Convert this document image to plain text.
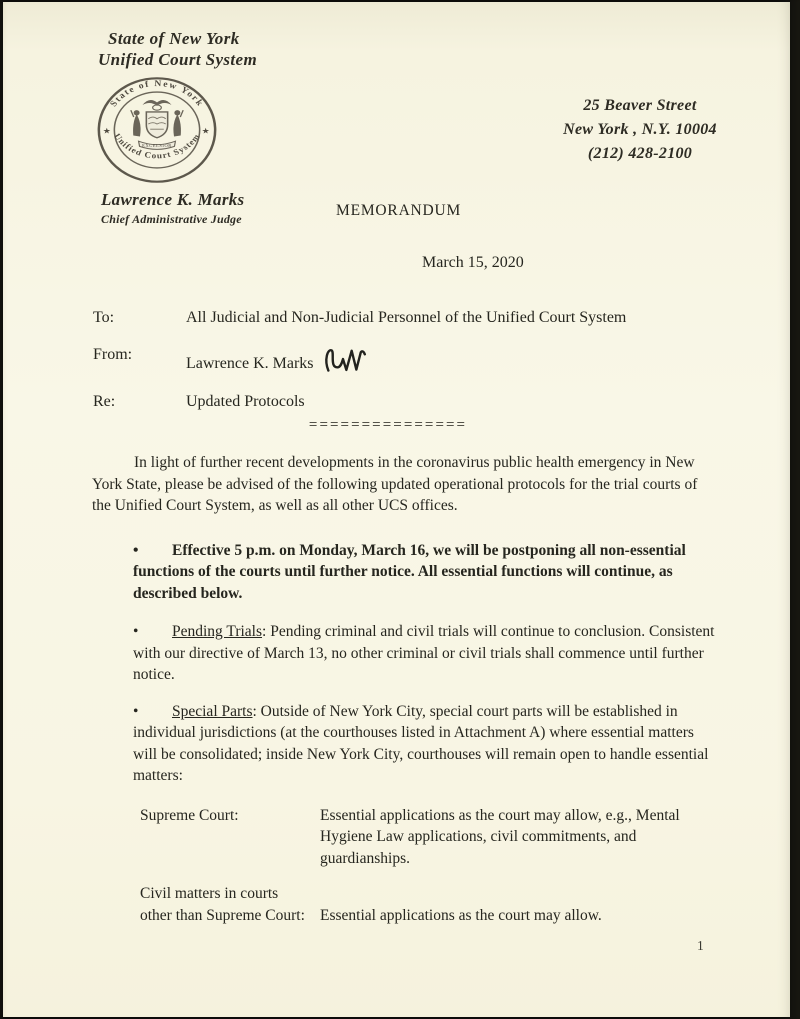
State of New York
Unified Court System
State of New York
Unified Court System
★	★
EXCELSIOR
Lawrence K. Marks
Chief Administrative Judge
25 Beaver Street
New York , N.Y. 10004
(212) 428-2100
MEMORANDUM
March 15, 2020
To:	All Judicial and Non-Judicial Personnel of the Unified Court System
From:
Lawrence K. Marks
Re:	Updated Protocols
===============

In light of further recent developments in the coronavirus public health emergency in New York State, please be advised of the following updated operational protocols for the trial courts of the Unified Court System, as well as all other UCS offices.

• Effective 5 p.m. on Monday, March 16, we will be postponing all non-essential functions of the courts until further notice. All essential functions will continue, as described below.

• Pending Trials: Pending criminal and civil trials will continue to conclusion. Consistent with our directive of March 13, no other criminal or civil trials shall commence until further notice.

• Special Parts: Outside of New York City, special court parts will be established in individual jurisdictions (at the courthouses listed in Attachment A) where essential matters will be consolidated; inside New York City, courthouses will remain open to handle essential matters:

Supreme Court:	Essential applications as the court may allow, e.g., Mental Hygiene Law applications, civil commitments, and guardianships.
Civil matters in courts
other than Supreme Court: Essential applications as the court may allow.
1
